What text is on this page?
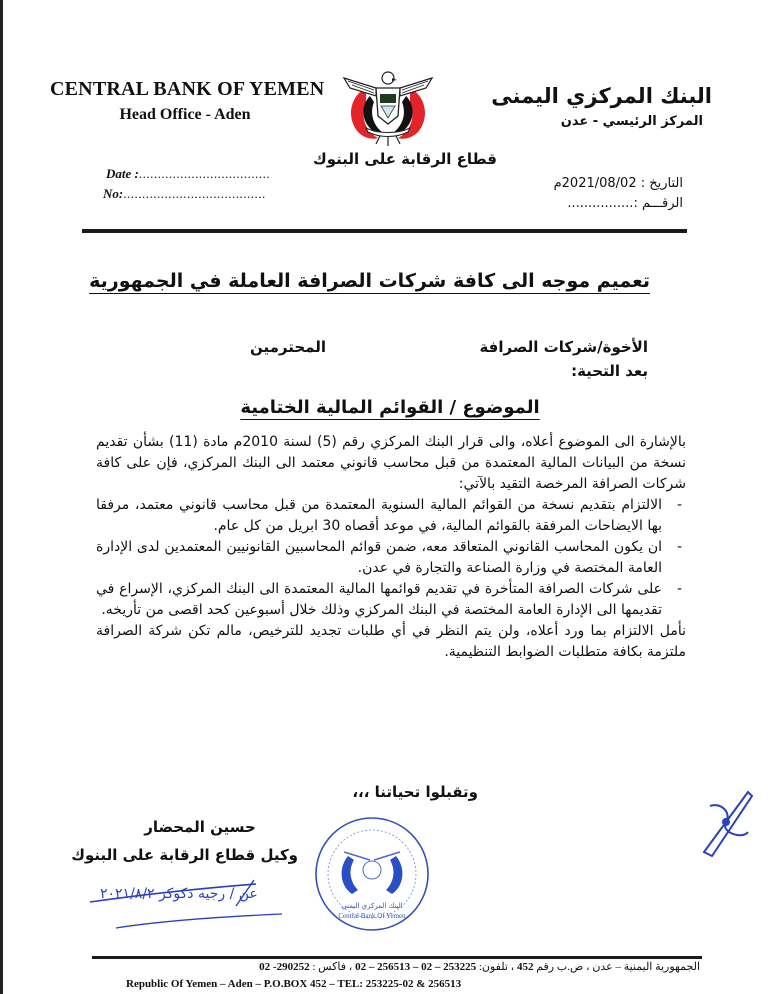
CENTRAL BANK OF YEMEN
Head Office - Aden
Date :...................................
No:......................................
البنك المركزي اليمنى
المركز الرئيسي - عدن
قطاع الرقابة على البنوك
التاريخ : 2021/08/02م
الرقـــم :................
تعميم موجه الى كافة شركات الصرافة العاملة في الجمهورية
الأخوة/شركات الصرافة
المحترمين
بعد التحية:
الموضوع / القوائم المالية الختامية

بالإشارة الى الموضوع أعلاه، والى قرار البنك المركزي رقم (5) لسنة 2010م مادة (11) بشأن تقديم نسخة من البيانات المالية المعتمدة من قبل محاسب قانوني معتمد الى البنك المركزي، فإن على كافة شركات الصرافة المرخصة التقيد بالآتي:

- الالتزام بتقديم نسخة من القوائم المالية السنوية المعتمدة من قبل محاسب قانوني معتمد، مرفقا بها الايضاحات المرفقة بالقوائم المالية، في موعد أقصاه 30 ابريل من كل عام.
- ان يكون المحاسب القانوني المتعاقد معه، ضمن قوائم المحاسبين القانونيين المعتمدين لدى الإدارة العامة المختصة في وزارة الصناعة والتجارة في عدن.
- على شركات الصرافة المتأخرة في تقديم قوائمها المالية المعتمدة الى البنك المركزي، الإسراع في تقديمها الى الإدارة العامة المختصة في البنك المركزي وذلك خلال أسبوعين كحد اقصى من تأريخه.

نأمل الالتزام بما ورد أعلاه، ولن يتم النظر في أي طلبات تجديد للترخيص، مالم تكن شركة الصرافة ملتزمة بكافة متطلبات الضوابط التنظيمية.

وتقبلوا تحياتنا ،،،
حسين المحضار
وكيل قطاع الرقابة على البنوك
البنك المركزي اليمني
Central Bank Of Yemen
عن / رجيه دكوكر ٢٠٢١/٨/٢
الجمهورية اليمنية – عدن ، ص.ب رقم 452 ، تلفون: 253225 – 02 – 256513 – 02 ، فاكس : 290252- 02
Republic Of Yemen – Aden – P.O.BOX 452 – TEL: 253225-02 & 256513
